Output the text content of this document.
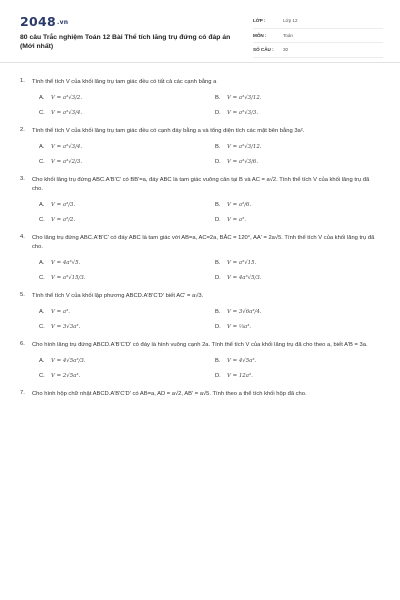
2048.vn
80 câu Trắc nghiệm Toán 12 Bài Thể tích lăng trụ đứng có đáp án (Mới nhất)
LỚP :	Lớp 12
MÔN :	Toán
SỐ CÂU :	30
1. Tính thể tích V của khối lăng trụ tam giác đều có tất cả các cạnh bằng a
A.	V = a³√3/2.	B.	V = a³√3/12.
C.	V = a³√3/4.	D.	V = a³√3/3.
2. Tính thể tích V của khối lăng trụ tam giác đều có cạnh đáy bằng a và tổng diện tích các mặt bên bằng 3a².
A.	V = a³√3/4.	B.	V = a³√3/12.
C.	V = a³√2/3.	D.	V = a³√3/6.
3. Cho khối lăng trụ đứng ABC.A'B'C' có BB'=a, đáy ABC là tam giác vuông cân tại B và AC = a√2. Tính thể tích V của khối lăng trụ đã cho.
A.	V = a³/3.	B.	V = a³/6.
C.	V = a³/2.	D.	V = a³.
4. Cho lăng trụ đứng ABC.A'B'C' có đáy ABC là tam giác với AB=a, AC=2a, BÂC = 120°, AA' = 2a√5. Tính thể tích V của khối lăng trụ đã cho.
A.	V = 4a³√5.	B.	V = a³√15.
C.	V = a³√15/3.	D.	V = 4a³√5/3.
5. Tính thể tích V của khối lập phương ABCD.A'B'C'D' biết AC' = a√3.
A.	V = a³.	B.	V = 3√6a³/4.
C.	V = 3√3a³.	D.	V = ⅓a³.
6. Cho hình lăng trụ đứng ABCD.A'B'C'D' có đáy là hình vuông cạnh 2a. Tính thể tích V của khối lăng trụ đã cho theo a, biết A'B = 3a.
A.	V = 4√5a³/3.	B.	V = 4√5a³.
C.	V = 2√5a³.	D.	V = 12a³.
7. Cho hình hộp chữ nhật ABCD.A'B'C'D' có AB=a, AD = a√2, AB' = a√5. Tính theo a thể tích khối hộp đã cho.
